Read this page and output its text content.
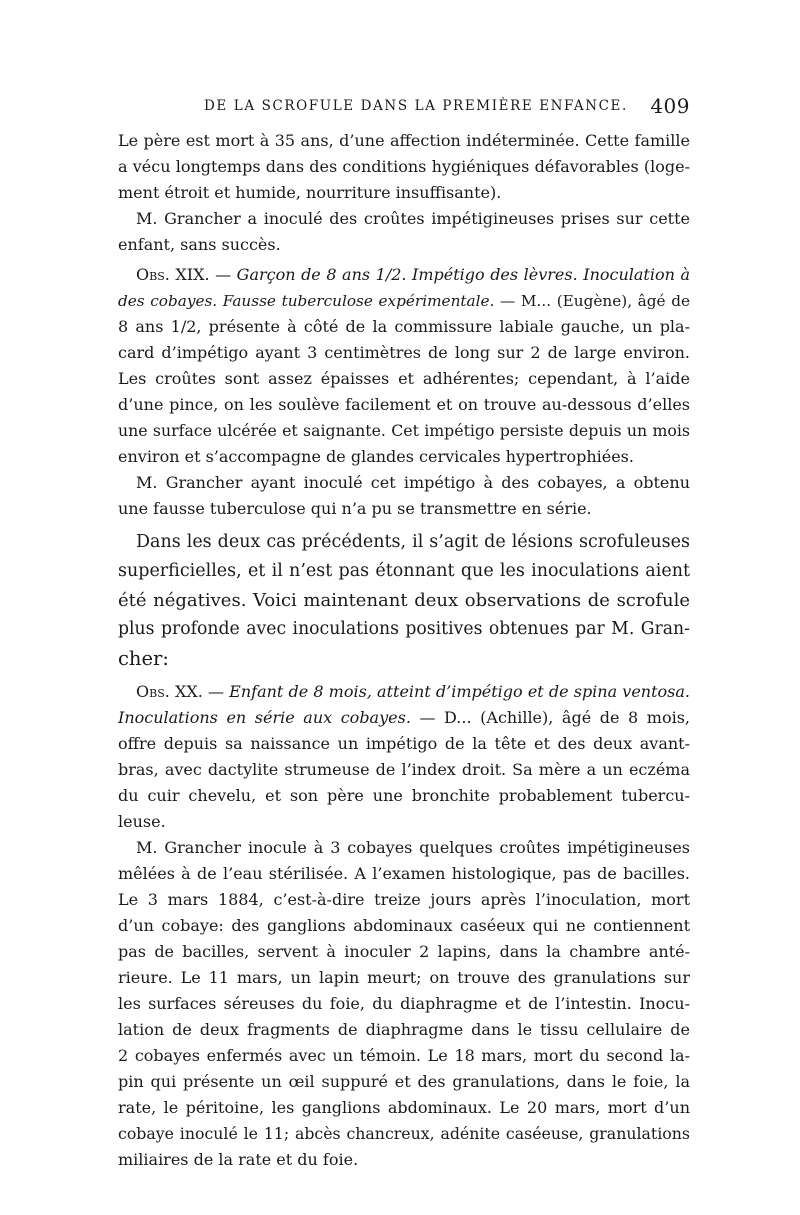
DE LA SCROFULE DANS LA PREMIÈRE ENFANCE. 409
Le père est mort à 35 ans, d’une affection indéterminée. Cette famille
a vécu longtemps dans des conditions hygiéniques défavorables (loge-
ment étroit et humide, nourriture insuffisante).
M. Grancher a inoculé des croûtes impétigineuses prises sur cette
enfant, sans succès.
Obs. XIX. — Garçon de 8 ans 1/2. Impétigo des lèvres. Inoculation à
des cobayes. Fausse tuberculose expérimentale. — M... (Eugène), âgé de
8 ans 1/2, présente à côté de la commissure labiale gauche, un pla-
card d’impétigo ayant 3 centimètres de long sur 2 de large environ.
Les croûtes sont assez épaisses et adhérentes; cependant, à l’aide
d’une pince, on les soulève facilement et on trouve au-dessous d’elles
une surface ulcérée et saignante. Cet impétigo persiste depuis un mois
environ et s’accompagne de glandes cervicales hypertrophiées.
M. Grancher ayant inoculé cet impétigo à des cobayes, a obtenu
une fausse tuberculose qui n’a pu se transmettre en série.
Dans les deux cas précédents, il s’agit de lésions scrofuleuses
superficielles, et il n’est pas étonnant que les inoculations aient
été négatives. Voici maintenant deux observations de scrofule
plus profonde avec inoculations positives obtenues par M. Gran-
cher:
Obs. XX. — Enfant de 8 mois, atteint d’impétigo et de spina ventosa.
Inoculations en série aux cobayes. — D... (Achille), âgé de 8 mois,
offre depuis sa naissance un impétigo de la tête et des deux avant-
bras, avec dactylite strumeuse de l’index droit. Sa mère a un eczéma
du cuir chevelu, et son père une bronchite probablement tubercu-
leuse.
M. Grancher inocule à 3 cobayes quelques croûtes impétigineuses
mêlées à de l’eau stérilisée. A l’examen histologique, pas de bacilles.
Le 3 mars 1884, c’est-à-dire treize jours après l’inoculation, mort
d’un cobaye: des ganglions abdominaux caséeux qui ne contiennent
pas de bacilles, servent à inoculer 2 lapins, dans la chambre anté-
rieure. Le 11 mars, un lapin meurt; on trouve des granulations sur
les surfaces séreuses du foie, du diaphragme et de l’intestin. Inocu-
lation de deux fragments de diaphragme dans le tissu cellulaire de
2 cobayes enfermés avec un témoin. Le 18 mars, mort du second la-
pin qui présente un œil suppuré et des granulations, dans le foie, la
rate, le péritoine, les ganglions abdominaux. Le 20 mars, mort d’un
cobaye inoculé le 11; abcès chancreux, adénite caséeuse, granulations
miliaires de la rate et du foie.
